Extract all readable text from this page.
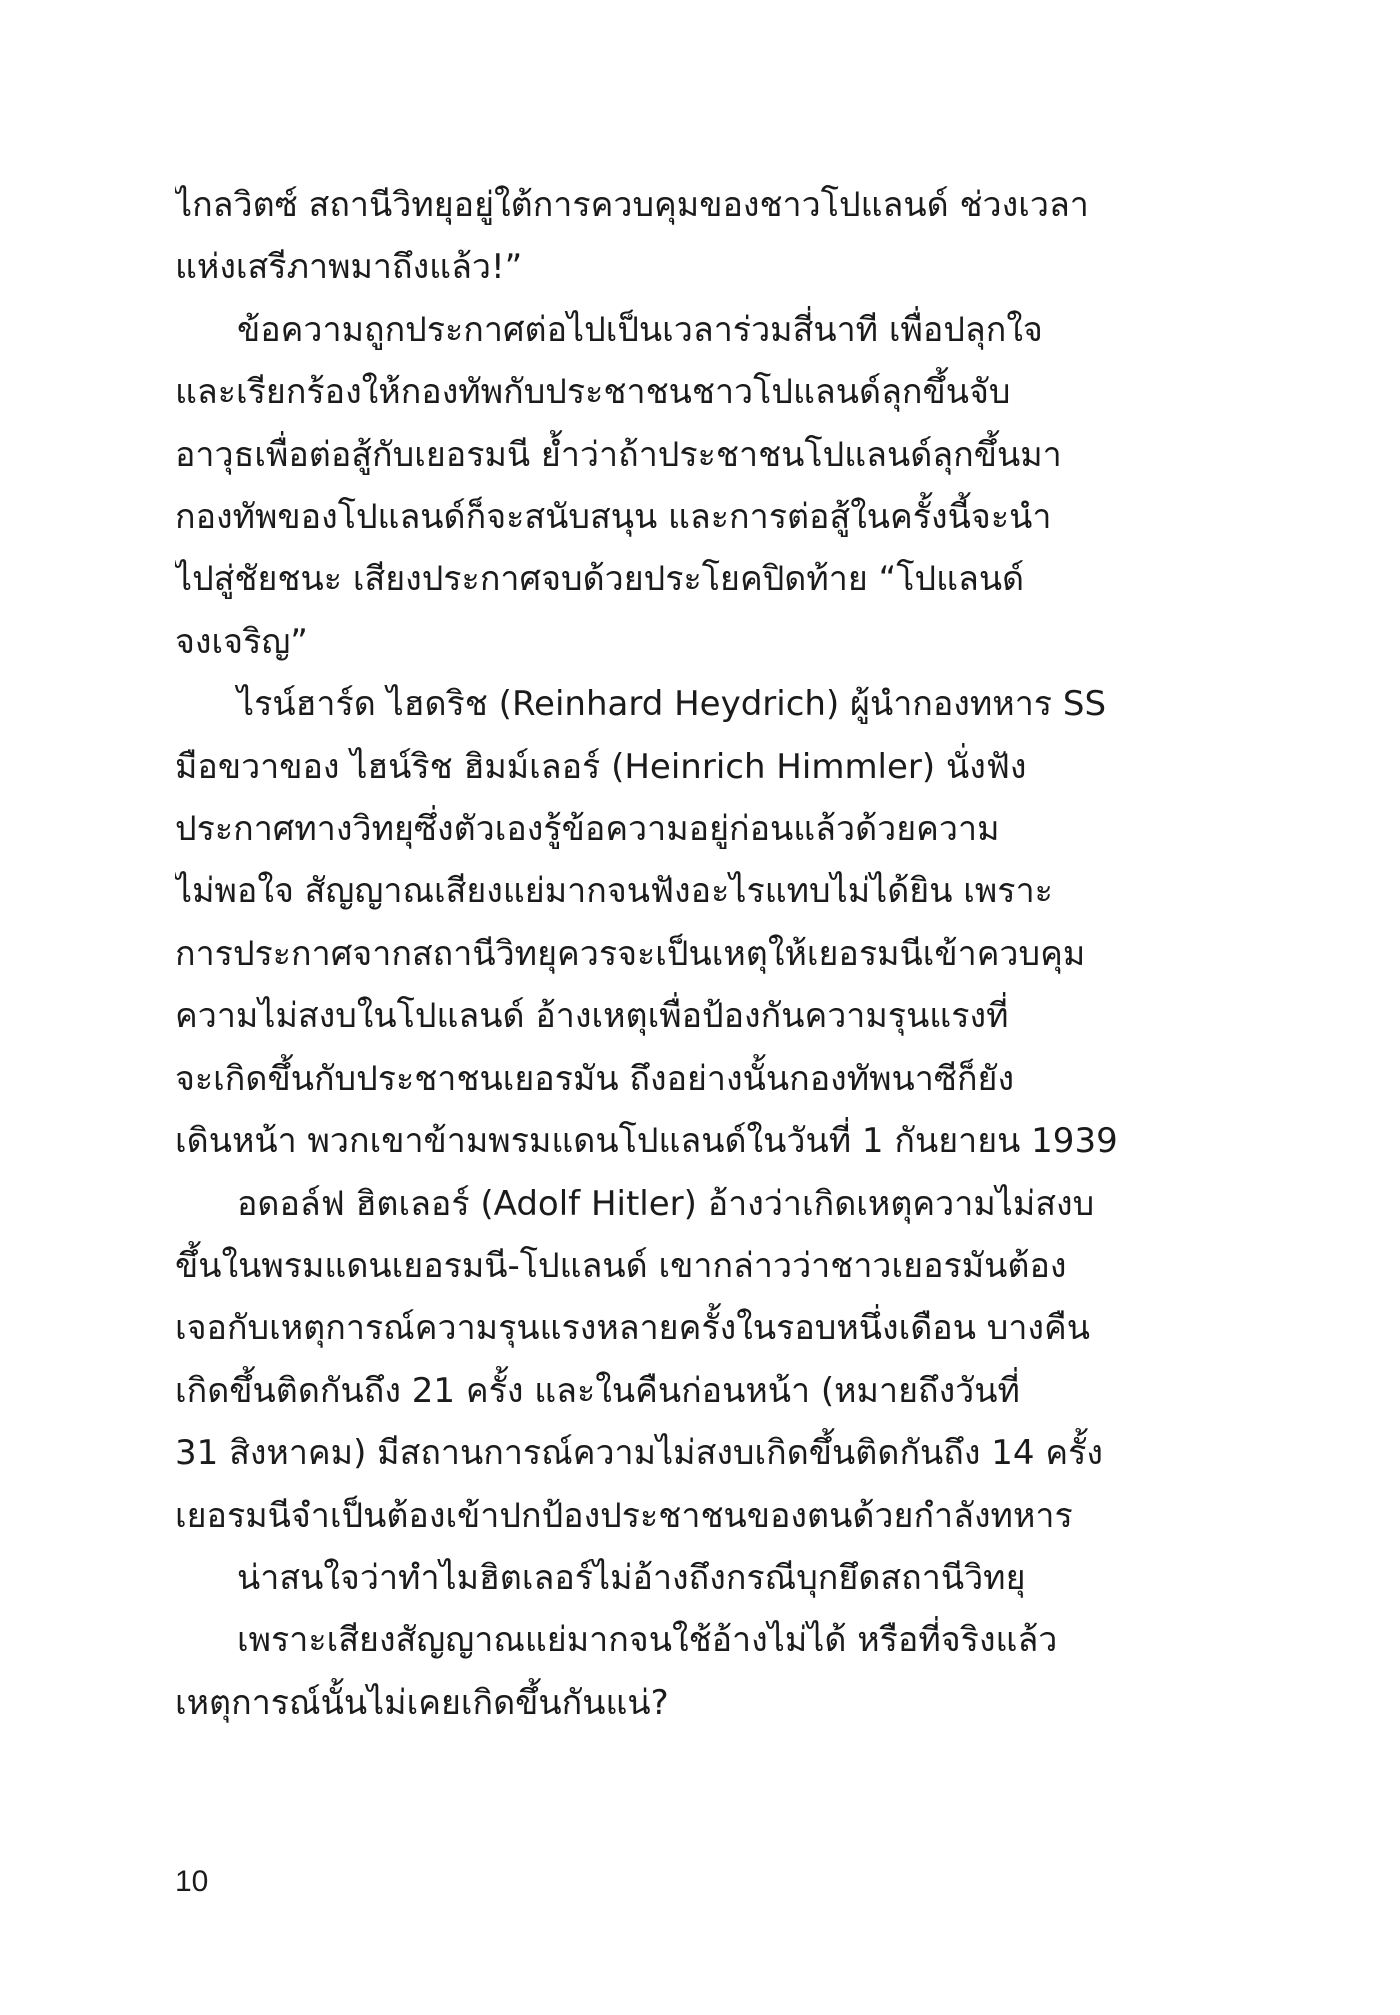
ไกลวิตซ์ สถานีวิทยุอยู่ใต้การควบคุมของชาวโปแลนด์ ช่วงเวลา
แห่งเสรีภาพมาถึงแล้ว!”

ข้อความถูกประกาศต่อไปเป็นเวลาร่วมสี่นาที เพื่อปลุกใจ
และเรียกร้องให้กองทัพกับประชาชนชาวโปแลนด์ลุกขึ้นจับ
อาวุธเพื่อต่อสู้กับเยอรมนี ย้ำว่าถ้าประชาชนโปแลนด์ลุกขึ้นมา
กองทัพของโปแลนด์ก็จะสนับสนุน และการต่อสู้ในครั้งนี้จะนำ
ไปสู่ชัยชนะ เสียงประกาศจบด้วยประโยคปิดท้าย “โปแลนด์
จงเจริญ”

ไรน์ฮาร์ด ไฮดริช (Reinhard Heydrich) ผู้นำกองทหาร SS
มือขวาของ ไฮน์ริช ฮิมม์เลอร์ (Heinrich Himmler) นั่งฟัง
ประกาศทางวิทยุซึ่งตัวเองรู้ข้อความอยู่ก่อนแล้วด้วยความ
ไม่พอใจ สัญญาณเสียงแย่มากจนฟังอะไรแทบไม่ได้ยิน เพราะ
การประกาศจากสถานีวิทยุควรจะเป็นเหตุให้เยอรมนีเข้าควบคุม
ความไม่สงบในโปแลนด์ อ้างเหตุเพื่อป้องกันความรุนแรงที่
จะเกิดขึ้นกับประชาชนเยอรมัน ถึงอย่างนั้นกองทัพนาซีก็ยัง
เดินหน้า พวกเขาข้ามพรมแดนโปแลนด์ในวันที่ 1 กันยายน 1939

อดอล์ฟ ฮิตเลอร์ (Adolf Hitler) อ้างว่าเกิดเหตุความไม่สงบ
ขึ้นในพรมแดนเยอรมนี-โปแลนด์ เขากล่าวว่าชาวเยอรมันต้อง
เจอกับเหตุการณ์ความรุนแรงหลายครั้งในรอบหนึ่งเดือน บางคืน
เกิดขึ้นติดกันถึง 21 ครั้ง และในคืนก่อนหน้า (หมายถึงวันที่
31 สิงหาคม) มีสถานการณ์ความไม่สงบเกิดขึ้นติดกันถึง 14 ครั้ง
เยอรมนีจำเป็นต้องเข้าปกป้องประชาชนของตนด้วยกำลังทหาร

น่าสนใจว่าทำไมฮิตเลอร์ไม่อ้างถึงกรณีบุกยึดสถานีวิทยุ

เพราะเสียงสัญญาณแย่มากจนใช้อ้างไม่ได้ หรือที่จริงแล้ว
เหตุการณ์นั้นไม่เคยเกิดขึ้นกันแน่?

10
